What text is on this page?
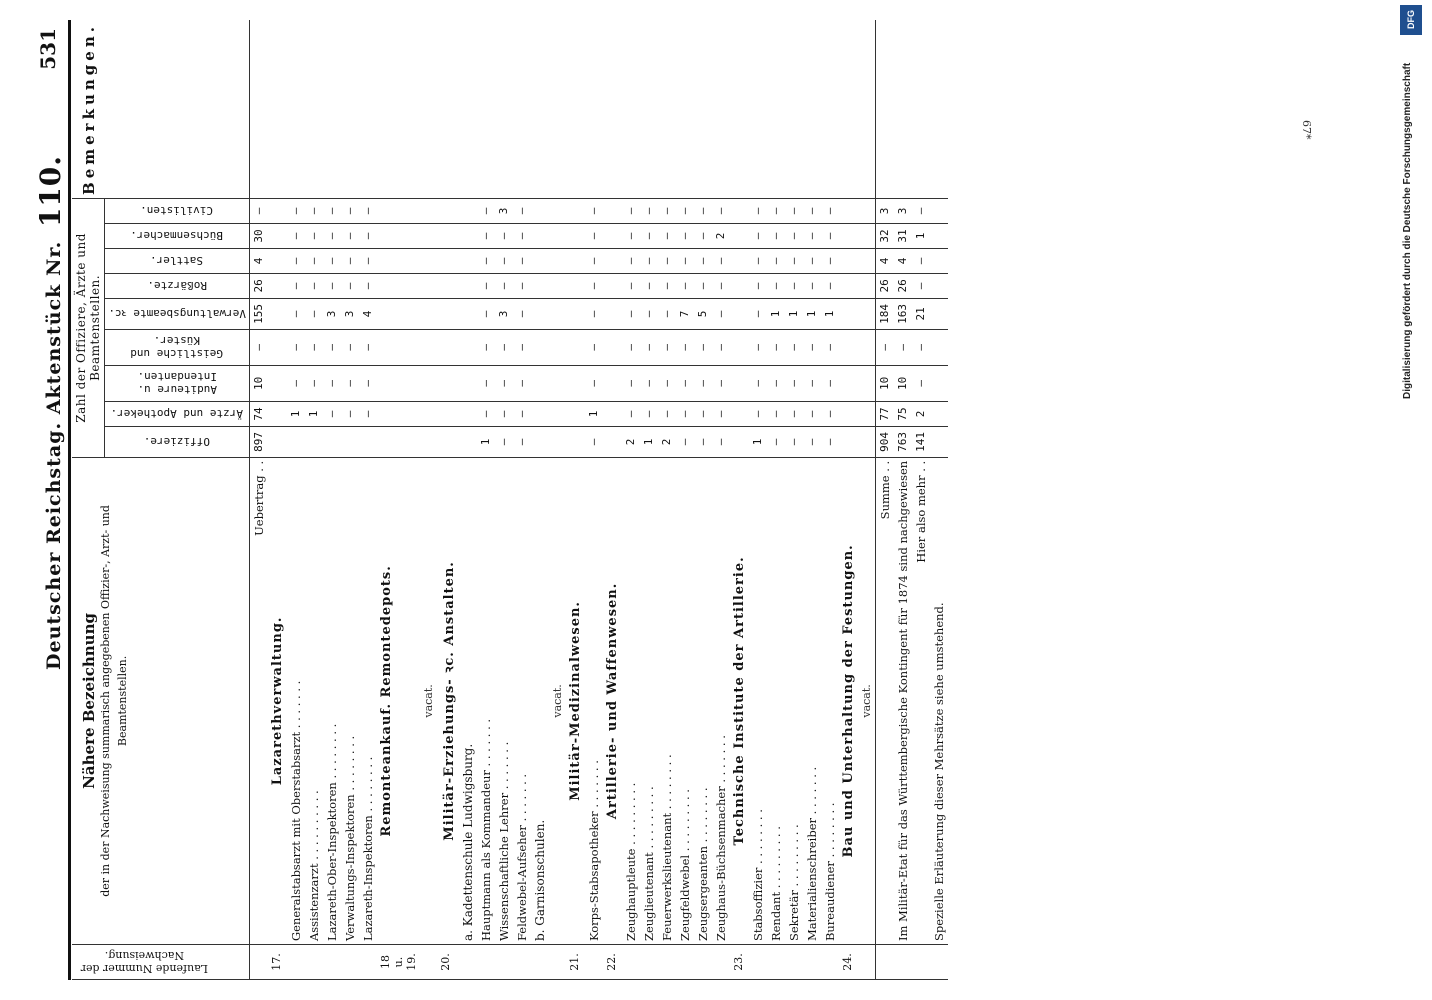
DFG
Digitalisierung gefördert durch die Deutsche Forschungsgemeinschaft
67*
Deutscher Reichstag. Aktenstück Nr. 110.
531
Laufende Nummer der Nachweisung.	Nähere Bezeichnung der in der Nachweisung summarisch angegebenen Offizier-, Arzt- und Beamtenstellen.	Zahl der Offiziere, Ärzte und Beamtenstellen.									Bemerkungen.

		Offiziere.	Ärzte und Apotheker.	Auditeure u. Intendanten.	Geistliche und Küster.	Verwaltungsbeamte ꝛc.	Roßärzte.	Sattler.	Büchsenmacher.	Civilisten.	

	Uebertrag . .	897	74	10	—	155	26	4	30	—	
17.	Lazarethverwaltung.										
	Generalstabsarzt mit Oberstabsarzt . . . . . . .		1	—	—	—	—	—	—	—	
	Assistenzarzt . . . . . . . . . .		1	—	—	—	—	—	—	—	
	Lazareth-Ober-Inspektoren . . . . . . . .		—	—	—	3	—	—	—	—	
	Verwaltungs-Inspektoren . . . . . . . .		—	—	—	3	—	—	—	—	
	Lazareth-Inspektoren . . . . . . . .		—	—	—	4	—	—	—	—	
18 u. 19.	Remonteankauf. Remontedepots.										
	vacat.										
20.	Militär-Erziehungs- ꝛc. Anstalten.										
	a. Kadettenschule Ludwigsburg.										
	Hauptmann als Kommandeur . . . . . . .	1	—	—	—	—	—	—	—	—	
	Wissenschaftliche Lehrer . . . . . . .	—	—	—	—	3	—	—	—	3	
	Feldwebel-Aufseher . . . . . . .	—	—	—	—	—	—	—	—	—	
	b. Garnisonschulen.										
	vacat.										
21.	Militär-Medizinalwesen.										
	Korps-Stabsapotheker . . . . . . .	—	1	—	—	—	—	—	—	—	
22.	Artillerie- und Waffenwesen.										
	Zeughauptleute . . . . . . . . .	2	—	—	—	—	—	—	—	—	
	Zeuglieutenant . . . . . . . . .	1	—	—	—	—	—	—	—	—	
	Feuerwerkslieutenant . . . . . . . .	2	—	—	—	—	—	—	—	—	
	Zeugfeldwebel . . . . . . . . .	—	—	—	—	7	—	—	—	—	
	Zeugsergeanten . . . . . . . .	—	—	—	—	5	—	—	—	—	
	Zeughaus-Büchsenmacher . . . . . . .	—	—	—	—	—	—	—	2	—	
23.	Technische Institute der Artillerie.										
	Stabsoffizier . . . . . . . .	1	—	—	—	—	—	—	—	—	
	Rendant . . . . . . . . .	—	—	—	—	1	—	—	—	—	
	Sekretär . . . . . . . . .	—	—	—	—	1	—	—	—	—	
	Materialienschreiber . . . . . . .	—	—	—	—	1	—	—	—	—	
	Bureaudiener . . . . . . . .	—	—	—	—	1	—	—	—	—	
24.	Bau und Unterhaltung der Festungen.										
	vacat.										
	Summe . .	904	77	10	—	184	26	4	32	3	
	Im Militär-Etat für das Württembergische Kontingent für 1874 sind nachgewiesen	763	75	10	—	163	26	4	31	3	
	Hier also mehr . .	141	2	—	—	21	—	—	1	—	
	Spezielle Erläuterung dieser Mehrsätze siehe umstehend.										
